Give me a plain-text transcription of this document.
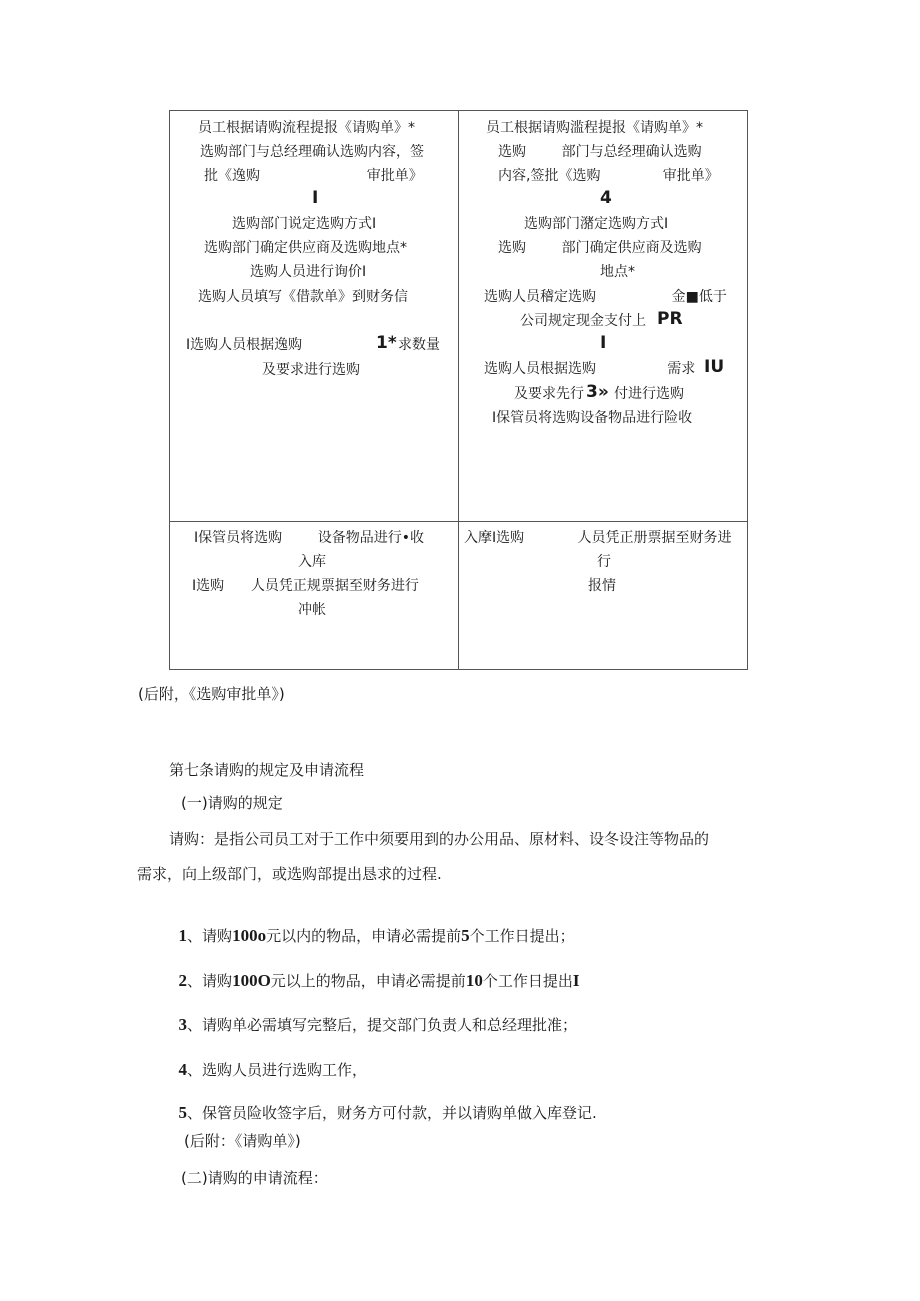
员工根据请购流程提报《请购单》*
选购部门与总经理确认选购内容，签
批《逸购                        审批单》
I
选购部门说定选购方式I
选购部门确定供应商及选购地点*
选购人员进行询价I
选购人员填写《借款单》到财务信
I选购人员根据逸购	1* 求数量
及要求进行选购
员工根据请购滥程提报《请购单》*
选购        部门与总经理确认选购
内容,签批《选购              审批单》
4
选购部门潴定选购方式I
选购        部门确定供应商及选购
地点*
选购人员稽定选购                 金■低于
公司规定现金支付上 PR
I
选购人员根据选购                需求 IU
及要求先行 3» 付进行选购
I保管员将选购设备物品进行险收
I保管员将选购        设备物品进行•收
入库
I选购      人员凭正规票据至财务进行
冲帐
入摩I选购            人员凭正册票据至财务进
行
报情
(后附，《选购审批单》)
第七条请购的规定及申请流程
(一)请购的规定
请购：是指公司员工对于工作中须要用到的办公用品、原材料、设冬设注等物品的
需求，向上级部门，或选购部提出恳求的过程.

1、请购100o元以内的物品，申请必需提前5个工作日提出；

2、请购100O元以上的物品，申请必需提前10个工作日提出I

3、请购单必需填写完整后，提交部门负责人和总经理批准；

4、选购人员进行选购工作，

5、保管员险收签字后，财务方可付款，并以请购单做入库登记.

(后附：《请购单》)
(二)请购的申请流程：
